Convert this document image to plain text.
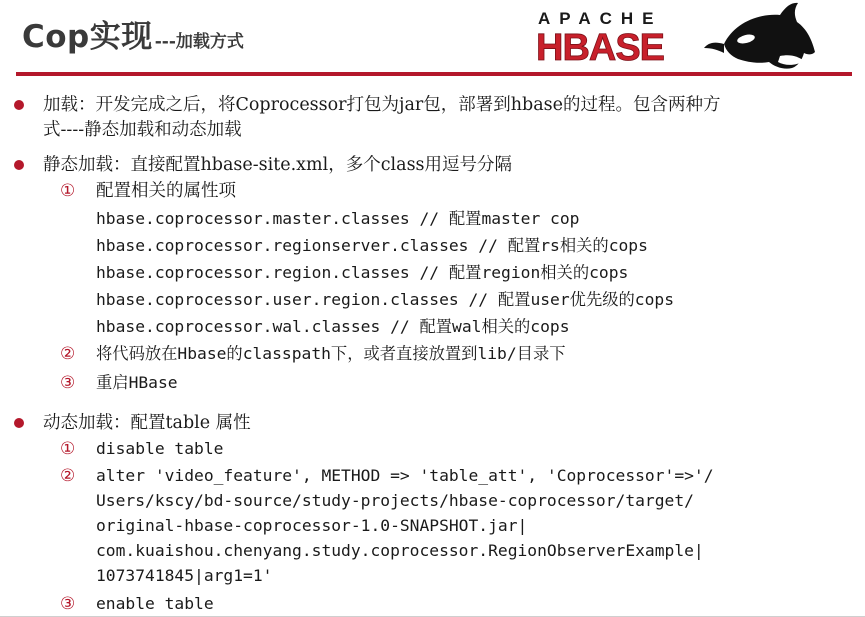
Cop实现 ---加载方式
APACHE
HBASE
加载：开发完成之后，将Coprocessor打包为jar包，部署到hbase的过程。包含两种方
式----静态加载和动态加载
静态加载：直接配置hbase-site.xml，多个class用逗号分隔
① 配置相关的属性项
hbase.coprocessor.master.classes // 配置master cop
hbase.coprocessor.regionserver.classes // 配置rs相关的cops
hbase.coprocessor.region.classes // 配置region相关的cops
hbase.coprocessor.user.region.classes // 配置user优先级的cops
hbase.coprocessor.wal.classes // 配置wal相关的cops
② 将代码放在Hbase的classpath下，或者直接放置到lib/目录下
③ 重启HBase
动态加载：配置table 属性
① disable table
② alter 'video_feature', METHOD => 'table_att', 'Coprocessor'=>'/
Users/kscy/bd-source/study-projects/hbase-coprocessor/target/
original-hbase-coprocessor-1.0-SNAPSHOT.jar|
com.kuaishou.chenyang.study.coprocessor.RegionObserverExample|
1073741845|arg1=1'
③ enable table
